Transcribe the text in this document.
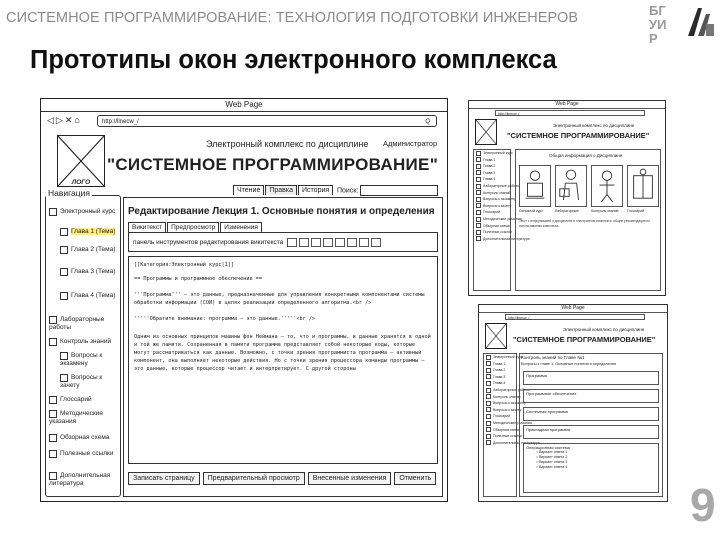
СИСТЕМНОЕ ПРОГРАММИРОВАНИЕ: ТЕХНОЛОГИЯ ПОДГОТОВКИ ИНЖЕНЕРОВ	БГ
УИ
Р
Прототипы окон электронного комплекса
Web Page
◁▷✕⌂	http://llnecw_/	Q
ЛОГО
Электронный комплекс по дисциплине Администратор
"СИСТЕМНОЕ ПРОГРАММИРОВАНИЕ"
Чтение Правка История	Поиск:
Навигация
Электронный курс
Глава 1 (Тема)
Глава 2 (Тема)
Глава 3 (Тема)
Глава 4 (Тема)
Лабораторные работы
Контроль знаний
Вопросы к экзамену
Вопросы к зачету
Глоссарий
Методические указания
Обзорная схема
Полезные ссылки
Дополнительная литература
Редактирование Лекция 1. Основные понятия и определения
Викитекст Предпросмотр Изменения
панель инструментов редактирования викитекста

[[Категория:Электронный курс|1]]

== Программы и программное обеспечение ==

'''Программа''' — это данные, предназначенные для управления конкретными компонентами системы обработки информации (СОИ) в целях реализации определенного алгоритма.<br />

'''''Обратите внимание: программа — это данные.'''''<br />

Одним из основных принципов машины фон Неймана — то, что и программы, и данные хранятся в одной и той же памяти. Сохраненная в памяти программа представляет собой некоторые коды, которые могут рассматриваться как данные. Возможно, с точки зрения программиста программа — активный компонент, она выполняет некоторые действия. Но с точки зрения процессора команды программы — это данные, которые процессор читает и интерпретирует. С другой стороны

Записать страницу Предварительный просмотр Внесенные изменения Отменить
Web Page
http://llnecw_/
Электронный комплекс по дисциплине
"СИСТЕМНОЕ ПРОГРАММИРОВАНИЕ"
Электронный курс
Глава 1
Глава 2
Глава 3
Глава 4
Лабораторные работы
Контроль знаний
Вопросы к экзамену
Вопросы к зачету
Глоссарий
Методические указания
Обзорная схема
Полезные ссылки
Дополнительная литература
Общая информация о Дисциплине
Основной курс	Лабораторные	Контроль знаний Глоссарий
Текст с информацией о дисциплине и электронном комплексе, общие рекомендации по использованию комплекса.
Web Page
http://llnecw_/
Электронный комплекс по дисциплине
"СИСТЕМНОЕ ПРОГРАММИРОВАНИЕ"
Электронный курс
Глава 1
Глава 2
Глава 3
Глава 4
Лабораторные работы
Контроль знаний
Вопросы к экзамену
Вопросы к зачету
Глоссарий
Методические указания
Обзорная схема
Полезные ссылки
Дополнительная литература
Контроль знаний по Главе №1
Вопросы к главе 1. Основные понятия и определения
Программа
Программное обеспечение
Системная программа
Прикладная программа
Операционная система
○ Вариант ответа 1
○ Вариант ответа 2
○ Вариант ответа 3
○ Вариант ответа 4
9
